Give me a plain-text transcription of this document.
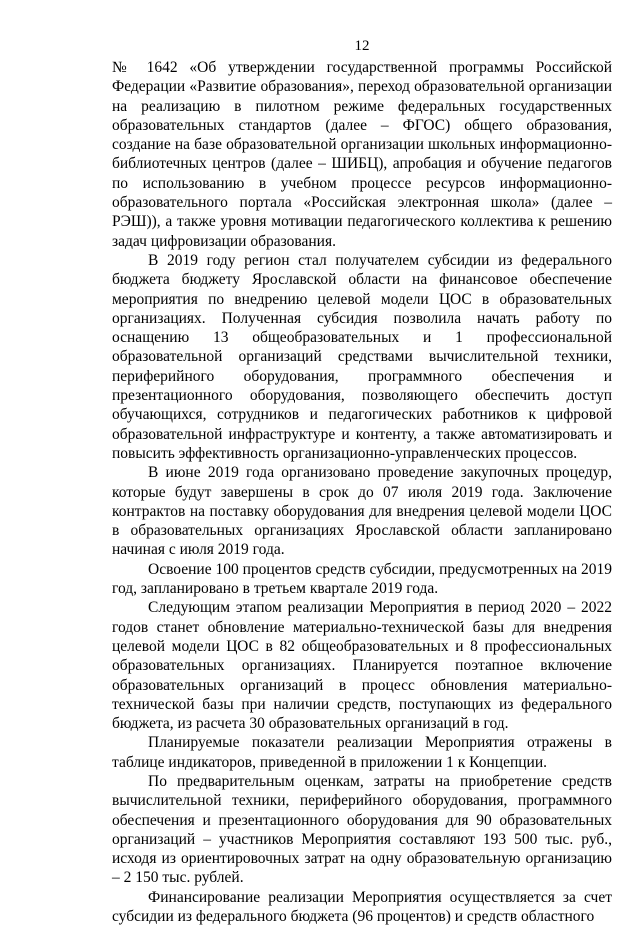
12

№ 1642 «Об утверждении государственной программы Российской Федерации «Развитие образования», переход образовательной организации на реализацию в пилотном режиме федеральных государственных образовательных стандартов (далее – ФГОС) общего образования, создание на базе образовательной организации школьных информационно-библиотечных центров (далее – ШИБЦ), апробация и обучение педагогов по использованию в учебном процессе ресурсов информационно-образовательного портала «Российская электронная школа» (далее – РЭШ)), а также уровня мотивации педагогического коллектива к решению задач цифровизации образования.

В 2019 году регион стал получателем субсидии из федерального бюджета бюджету Ярославской области на финансовое обеспечение мероприятия по внедрению целевой модели ЦОС в образовательных организациях. Полученная субсидия позволила начать работу по оснащению 13 общеобразовательных и 1 профессиональной образовательной организаций средствами вычислительной техники, периферийного оборудования, программного обеспечения и презентационного оборудования, позволяющего обеспечить доступ обучающихся, сотрудников и педагогических работников к цифровой образовательной инфраструктуре и контенту, а также автоматизировать и повысить эффективность организационно-управленческих процессов.

В июне 2019 года организовано проведение закупочных процедур, которые будут завершены в срок до 07 июля 2019 года. Заключение контрактов на поставку оборудования для внедрения целевой модели ЦОС в образовательных организациях Ярославской области запланировано начиная с июля 2019 года.

Освоение 100 процентов средств субсидии, предусмотренных на 2019 год, запланировано в третьем квартале 2019 года.

Следующим этапом реализации Мероприятия в период 2020 – 2022 годов станет обновление материально-технической базы для внедрения целевой модели ЦОС в 82 общеобразовательных и 8 профессиональных образовательных организациях. Планируется поэтапное включение образовательных организаций в процесс обновления материально-технической базы при наличии средств, поступающих из федерального бюджета, из расчета 30 образовательных организаций в год.

Планируемые показатели реализации Мероприятия отражены в таблице индикаторов, приведенной в приложении 1 к Концепции.

По предварительным оценкам, затраты на приобретение средств вычислительной техники, периферийного оборудования, программного обеспечения и презентационного оборудования для 90 образовательных организаций – участников Мероприятия составляют 193 500 тыс. руб., исходя из ориентировочных затрат на одну образовательную организацию – 2 150 тыс. рублей.

Финансирование реализации Мероприятия осуществляется за счет субсидии из федерального бюджета (96 процентов) и средств областного
